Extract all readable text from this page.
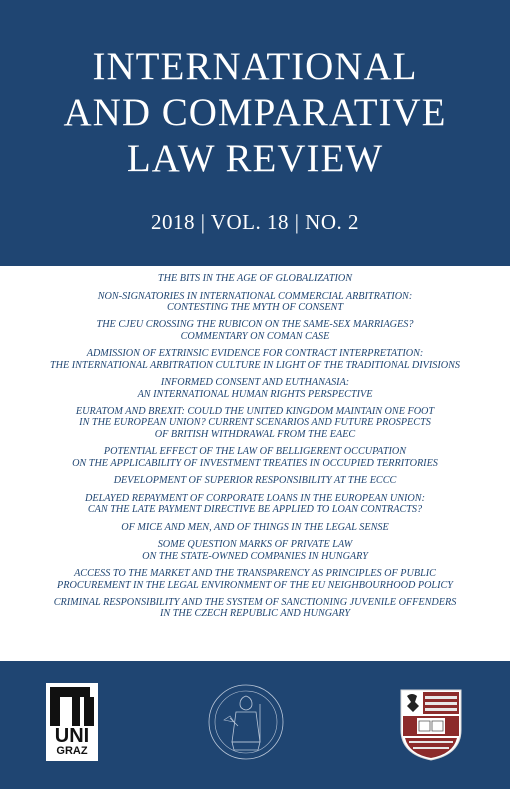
INTERNATIONAL
AND COMPARATIVE
LAW REVIEW
2018 | VOL. 18 | NO. 2
THE BITS IN THE AGE OF GLOBALIZATION
NON-SIGNATORIES IN INTERNATIONAL COMMERCIAL ARBITRATION:
CONTESTING THE MYTH OF CONSENT
THE CJEU CROSSING THE RUBICON ON THE SAME-SEX MARRIAGES?
COMMENTARY ON COMAN CASE
ADMISSION OF EXTRINSIC EVIDENCE FOR CONTRACT INTERPRETATION:
THE INTERNATIONAL ARBITRATION CULTURE IN LIGHT OF THE TRADITIONAL DIVISIONS
INFORMED CONSENT AND EUTHANASIA:
AN INTERNATIONAL HUMAN RIGHTS PERSPECTIVE
EURATOM AND BREXIT: COULD THE UNITED KINGDOM MAINTAIN ONE FOOT
IN THE EUROPEAN UNION? CURRENT SCENARIOS AND FUTURE PROSPECTS
OF BRITISH WITHDRAWAL FROM THE EAEC
POTENTIAL EFFECT OF THE LAW OF BELLIGERENT OCCUPATION
ON THE APPLICABILITY OF INVESTMENT TREATIES IN OCCUPIED TERRITORIES
DEVELOPMENT OF SUPERIOR RESPONSIBILITY AT THE ECCC
DELAYED REPAYMENT OF CORPORATE LOANS IN THE EUROPEAN UNION:
CAN THE LATE PAYMENT DIRECTIVE BE APPLIED TO LOAN CONTRACTS?
OF MICE AND MEN, AND OF THINGS IN THE LEGAL SENSE
SOME QUESTION MARKS OF PRIVATE LAW
ON THE STATE-OWNED COMPANIES IN HUNGARY
ACCESS TO THE MARKET AND THE TRANSPARENCY AS PRINCIPLES OF PUBLIC
PROCUREMENT IN THE LEGAL ENVIRONMENT OF THE EU NEIGHBOURHOOD POLICY
CRIMINAL RESPONSIBILITY AND THE SYSTEM OF SANCTIONING JUVENILE OFFENDERS
IN THE CZECH REPUBLIC AND HUNGARY
UNI
GRAZ
